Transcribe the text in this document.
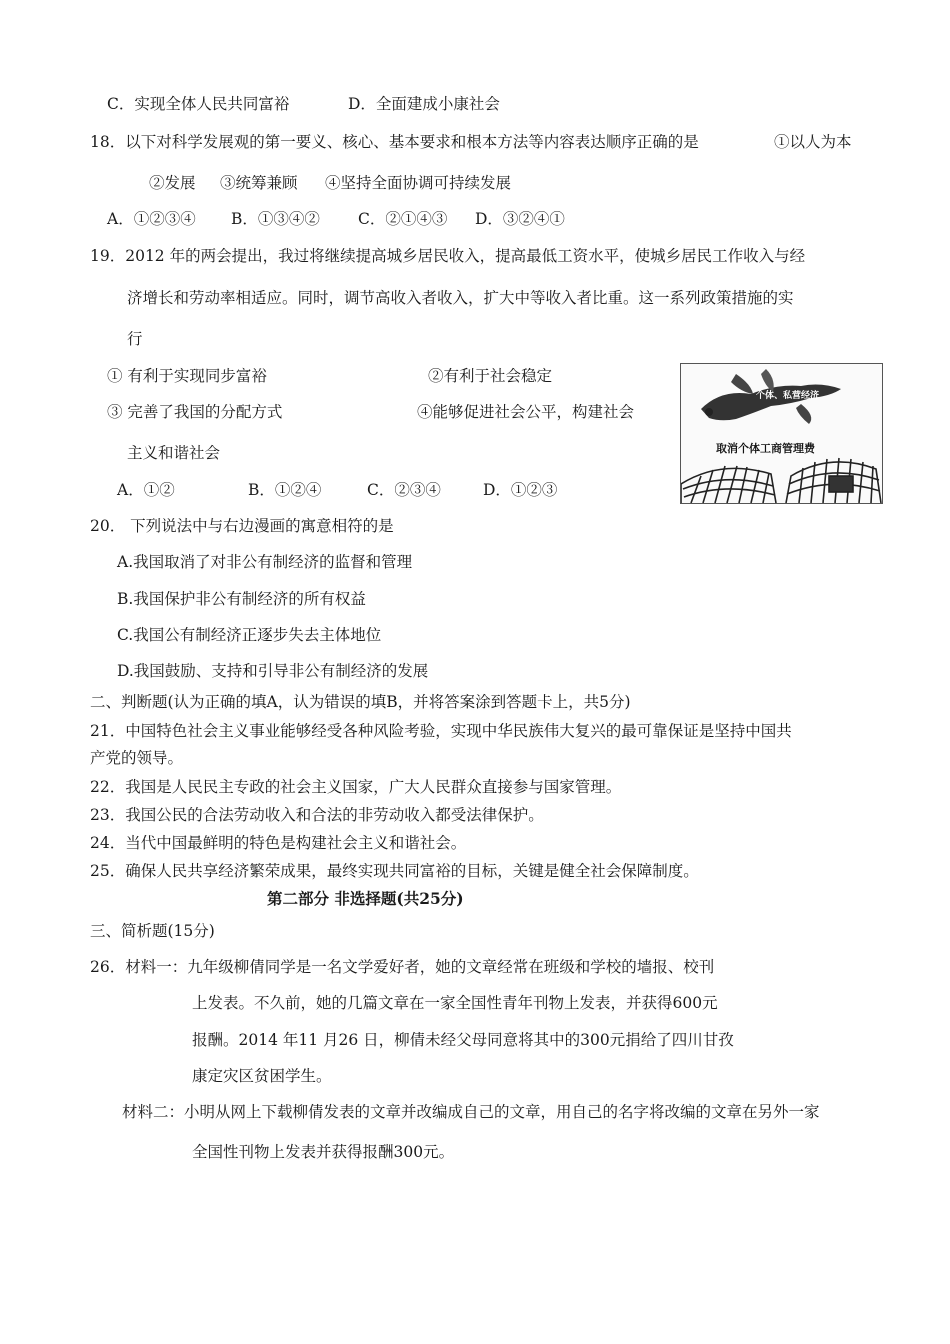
C．实现全体人民共同富裕	D．全面建成小康社会
18．以下对科学发展观的第一要义、核心、基本要求和根本方法等内容表达顺序正确的是	①以人为本
②发展 ③统筹兼顾 ④坚持全面协调可持续发展
A．①②③④ B．①③④② C．②①④③ D．③②④①
19．2012 年的两会提出，我过将继续提高城乡居民收入，提高最低工资水平，使城乡居民工作收入与经
济增长和劳动率相适应。同时，调节高收入者收入，扩大中等收入者比重。这一系列政策措施的实
行
① 有利于实现同步富裕	②有利于社会稳定
③ 完善了我国的分配方式	④能够促进社会公平，构建社会
主义和谐社会
A．①②	B．①②④	C．②③④	D．①②③
个体、私营经济
取消个体工商管理费
20． 下列说法中与右边漫画的寓意相符的是
A.我国取消了对非公有制经济的监督和管理
B.我国保护非公有制经济的所有权益
C.我国公有制经济正逐步失去主体地位
D.我国鼓励、支持和引导非公有制经济的发展
二、判断题(认为正确的填A，认为错误的填B，并将答案涂到答题卡上，共5分)
21．中国特色社会主义事业能够经受各种风险考验，实现中华民族伟大复兴的最可靠保证是坚持中国共
产党的领导。
22．我国是人民民主专政的社会主义国家，广大人民群众直接参与国家管理。
23．我国公民的合法劳动收入和合法的非劳动收入都受法律保护。
24．当代中国最鲜明的特色是构建社会主义和谐社会。
25．确保人民共享经济繁荣成果，最终实现共同富裕的目标，关键是健全社会保障制度。
第二部分 非选择题(共25分)
三、简析题(15分)
26．材料一：九年级柳倩同学是一名文学爱好者，她的文章经常在班级和学校的墙报、校刊
上发表。不久前，她的几篇文章在一家全国性青年刊物上发表，并获得600元
报酬。2014 年11 月26 日，柳倩未经父母同意将其中的300元捐给了四川甘孜
康定灾区贫困学生。
材料二：小明从网上下载柳倩发表的文章并改编成自己的文章，用自己的名字将改编的文章在另外一家
全国性刊物上发表并获得报酬300元。
